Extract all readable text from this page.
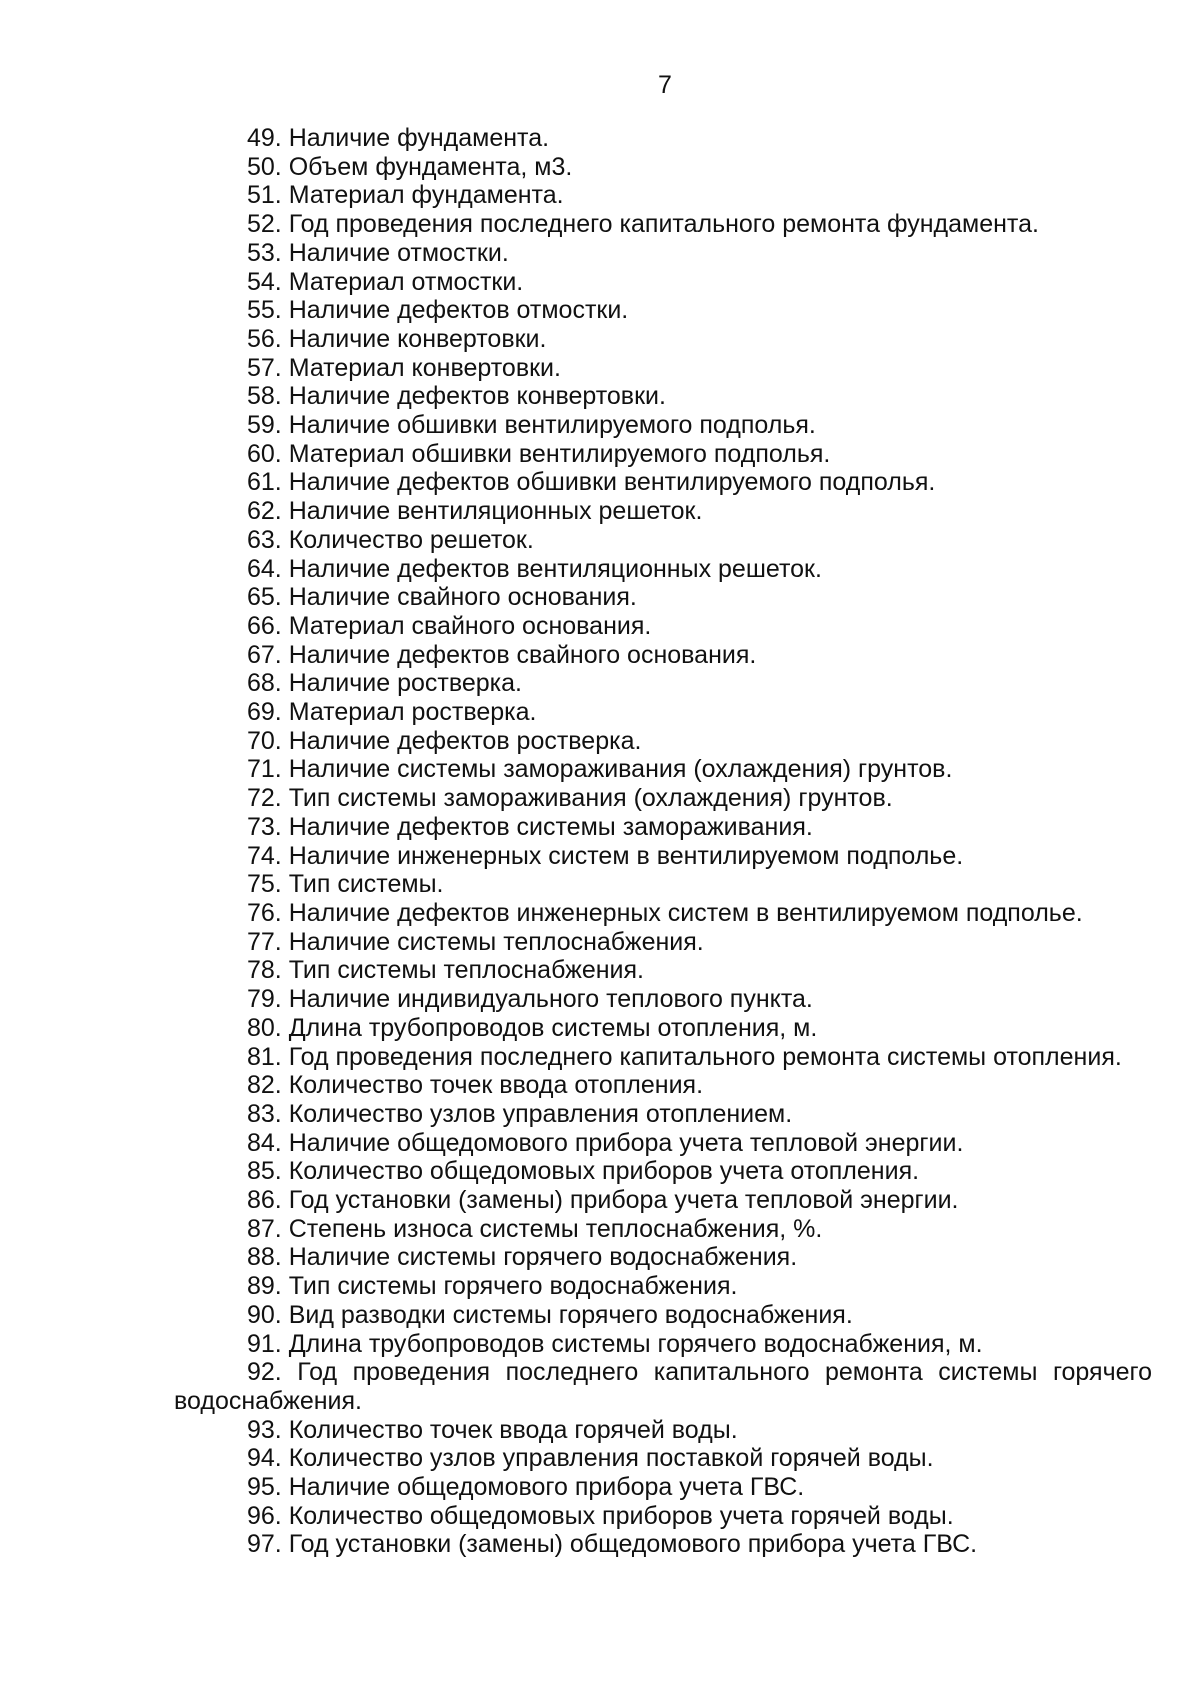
7
49. Наличие фундамента.
50. Объем фундамента, м3.
51. Материал фундамента.
52. Год проведения последнего капитального ремонта фундамента.
53. Наличие отмостки.
54. Материал отмостки.
55. Наличие дефектов отмостки.
56. Наличие конвертовки.
57. Материал конвертовки.
58. Наличие дефектов конвертовки.
59. Наличие обшивки вентилируемого подполья.
60. Материал обшивки вентилируемого подполья.
61. Наличие дефектов обшивки вентилируемого подполья.
62. Наличие вентиляционных решеток.
63. Количество решеток.
64. Наличие дефектов вентиляционных решеток.
65. Наличие свайного основания.
66. Материал свайного основания.
67. Наличие дефектов свайного основания.
68. Наличие ростверка.
69. Материал ростверка.
70. Наличие дефектов ростверка.
71. Наличие системы замораживания (охлаждения) грунтов.
72. Тип системы замораживания (охлаждения) грунтов.
73. Наличие дефектов системы замораживания.
74. Наличие инженерных систем в вентилируемом подполье.
75. Тип системы.
76. Наличие дефектов инженерных систем в вентилируемом подполье.
77. Наличие системы теплоснабжения.
78. Тип системы теплоснабжения.
79. Наличие индивидуального теплового пункта.
80. Длина трубопроводов системы отопления, м.
81. Год проведения последнего капитального ремонта системы отопления.
82. Количество точек ввода отопления.
83. Количество узлов управления отоплением.
84. Наличие общедомового прибора учета тепловой энергии.
85. Количество общедомовых приборов учета отопления.
86. Год установки (замены) прибора учета тепловой энергии.
87. Степень износа системы теплоснабжения, %.
88. Наличие системы горячего водоснабжения.
89. Тип системы горячего водоснабжения.
90. Вид разводки системы горячего водоснабжения.
91. Длина трубопроводов системы горячего водоснабжения, м.
92. Год проведения последнего капитального ремонта системы горячего водоснабжения.
93. Количество точек ввода горячей воды.
94. Количество узлов управления поставкой горячей воды.
95. Наличие общедомового прибора учета ГВС.
96. Количество общедомовых приборов учета горячей воды.
97. Год установки (замены) общедомового прибора учета ГВС.
